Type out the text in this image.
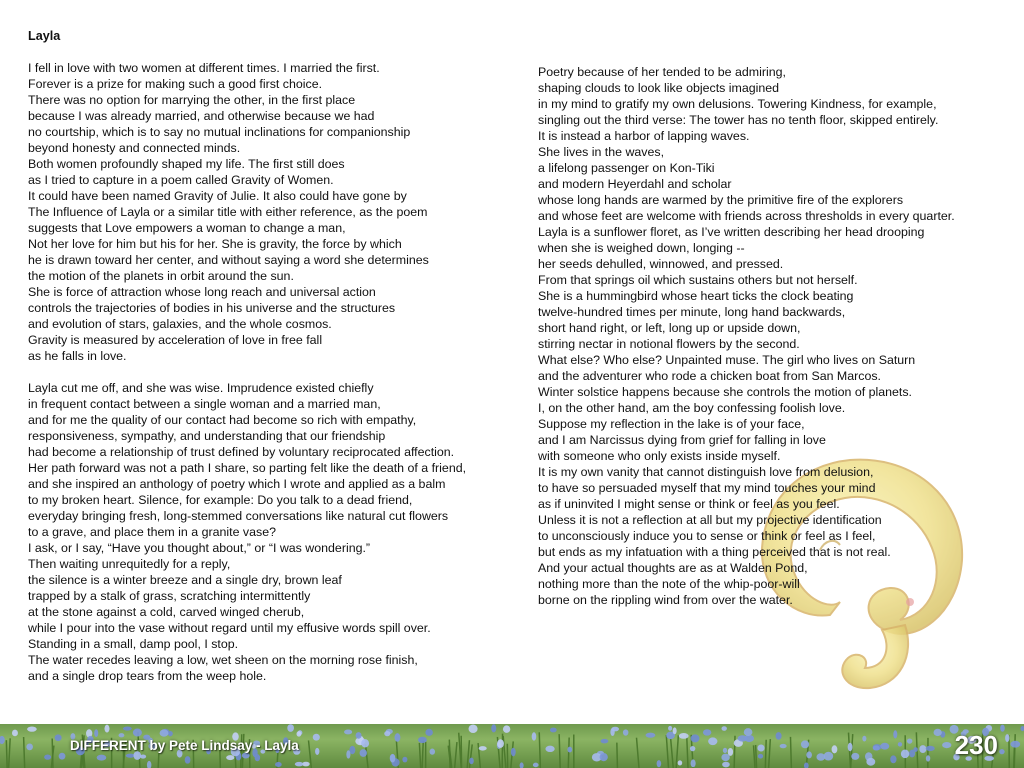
Layla
I fell in love with two women at different times. I married the first.
Forever is a prize for making such a good first choice.
There was no option for marrying the other, in the first place
because I was already married, and otherwise because we had
no courtship, which is to say no mutual inclinations for companionship
beyond honesty and connected minds.
Both women profoundly shaped my life. The first still does
as I tried to capture in a poem called Gravity of Women.
It could have been named Gravity of Julie. It also could have gone by
The Influence of Layla or a similar title with either reference, as the poem
suggests that Love empowers a woman to change a man,
Not her love for him but his for her. She is gravity, the force by which
he is drawn toward her center, and without saying a word she determines
the motion of the planets in orbit around the sun.
She is force of attraction whose long reach and universal action
controls the trajectories of bodies in his universe and the structures
and evolution of stars, galaxies, and the whole cosmos.
Gravity is measured by acceleration of love in free fall
as he falls in love.
Layla cut me off, and she was wise. Imprudence existed chiefly
in frequent contact between a single woman and a married man,
and for me the quality of our contact had become so rich with empathy,
responsiveness, sympathy, and understanding that our friendship
had become a relationship of trust defined by voluntary reciprocated affection.
Her path forward was not a path I share, so parting felt like the death of a friend,
and she inspired an anthology of poetry which I wrote and applied as a balm
to my broken heart. Silence, for example: Do you talk to a dead friend,
everyday bringing fresh, long-stemmed conversations like natural cut flowers
to a grave, and place them in a granite vase?
I ask, or I say, “Have you thought about,” or “I was wondering.”
Then waiting unrequitedly for a reply,
the silence is a winter breeze and a single dry, brown leaf
trapped by a stalk of grass, scratching intermittently
at the stone against a cold, carved winged cherub,
while I pour into the vase without regard until my effusive words spill over.
Standing in a small, damp pool, I stop.
The water recedes leaving a low, wet sheen on the morning rose finish,
and a single drop tears from the weep hole.
Poetry because of her tended to be admiring,
shaping clouds to look like objects imagined
in my mind to gratify my own delusions. Towering Kindness, for example,
singling out the third verse: The tower has no tenth floor, skipped entirely.
It is instead a harbor of lapping waves.
She lives in the waves,
a lifelong passenger on Kon-Tiki
and modern Heyerdahl and scholar
whose long hands are warmed by the primitive fire of the explorers
and whose feet are welcome with friends across thresholds in every quarter.
Layla is a sunflower floret, as I’ve written describing her head drooping
when she is weighed down, longing --
her seeds dehulled, winnowed, and pressed.
From that springs oil which sustains others but not herself.
She is a hummingbird whose heart ticks the clock beating
twelve-hundred times per minute, long hand backwards,
short hand right, or left, long up or upside down,
stirring nectar in notional flowers by the second.
What else? Who else? Unpainted muse. The girl who lives on Saturn
and the adventurer who rode a chicken boat from San Marcos.
Winter solstice happens because she controls the motion of planets.
I, on the other hand, am the boy confessing foolish love.
Suppose my reflection in the lake is of your face,
and I am Narcissus dying from grief for falling in love
with someone who only exists inside myself.
It is my own vanity that cannot distinguish love from delusion,
to have so persuaded myself that my mind touches your mind
as if uninvited I might sense or think or feel as you feel.
Unless it is not a reflection at all but my projective identification
to unconsciously induce you to sense or think or feel as I feel,
but ends as my infatuation with a thing perceived that is not real.
And your actual thoughts are as at Walden Pond,
nothing more than the note of the whip-poor-will
borne on the rippling wind from over the water.
DIFFERENT by Pete Lindsay - Layla	230
